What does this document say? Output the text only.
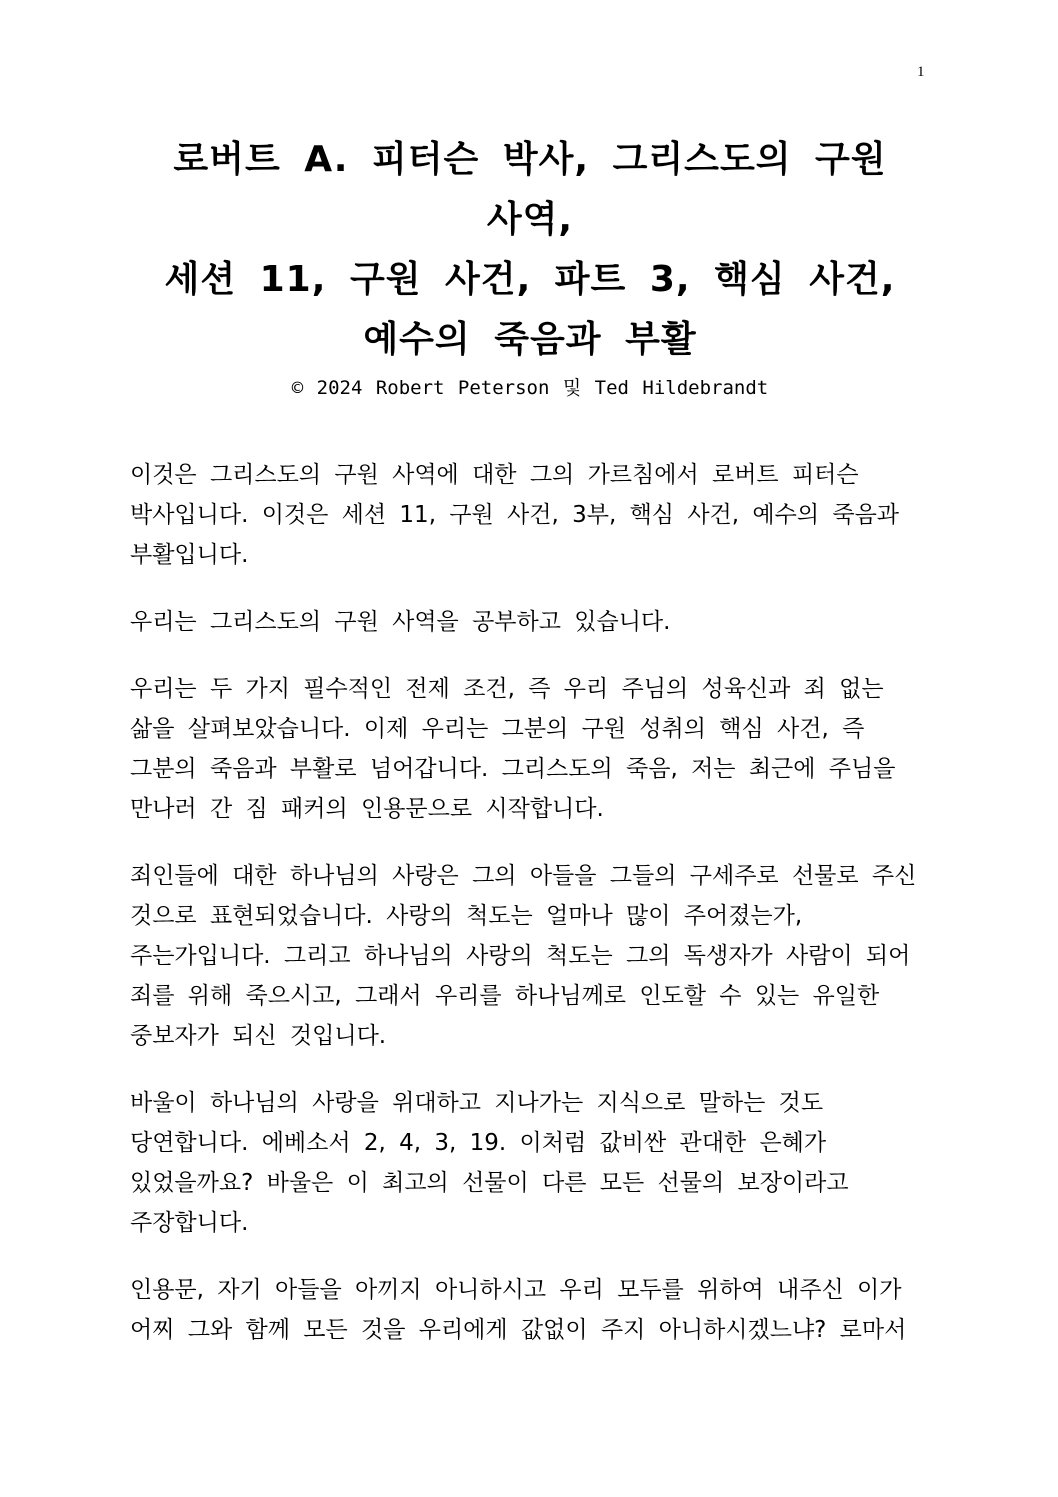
1
로버트 A. 피터슨 박사, 그리스도의 구원
사역,
세션 11, 구원 사건, 파트 3, 핵심 사건,
예수의 죽음과 부활
© 2024 Robert Peterson 및 Ted Hildebrandt

이것은 그리스도의 구원 사역에 대한 그의 가르침에서 로버트 피터슨
박사입니다. 이것은 세션 11, 구원 사건, 3부, 핵심 사건, 예수의 죽음과
부활입니다.

우리는 그리스도의 구원 사역을 공부하고 있습니다.

우리는 두 가지 필수적인 전제 조건, 즉 우리 주님의 성육신과 죄 없는
삶을 살펴보았습니다. 이제 우리는 그분의 구원 성취의 핵심 사건, 즉
그분의 죽음과 부활로 넘어갑니다. 그리스도의 죽음, 저는 최근에 주님을
만나러 간 짐 패커의 인용문으로 시작합니다.

죄인들에 대한 하나님의 사랑은 그의 아들을 그들의 구세주로 선물로 주신
것으로 표현되었습니다. 사랑의 척도는 얼마나 많이 주어졌는가,
주는가입니다. 그리고 하나님의 사랑의 척도는 그의 독생자가 사람이 되어
죄를 위해 죽으시고, 그래서 우리를 하나님께로 인도할 수 있는 유일한
중보자가 되신 것입니다.

바울이 하나님의 사랑을 위대하고 지나가는 지식으로 말하는 것도
당연합니다. 에베소서 2, 4, 3, 19. 이처럼 값비싼 관대한 은혜가
있었을까요? 바울은 이 최고의 선물이 다른 모든 선물의 보장이라고
주장합니다.

인용문, 자기 아들을 아끼지 아니하시고 우리 모두를 위하여 내주신 이가
어찌 그와 함께 모든 것을 우리에게 값없이 주지 아니하시겠느냐? 로마서
